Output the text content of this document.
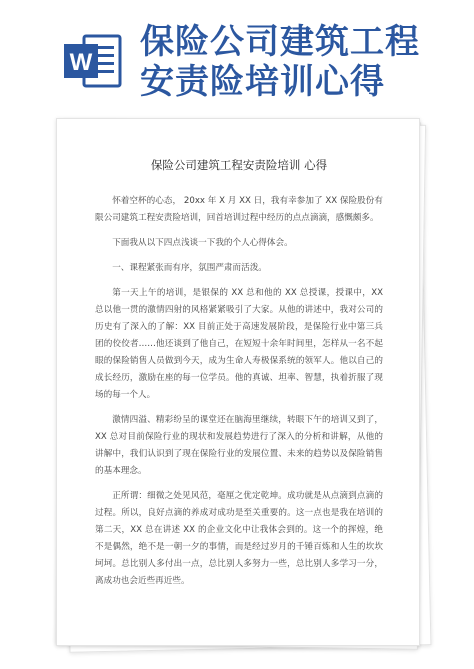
W
保险公司建筑工程
安责险培训心得
保险公司建筑工程安责险培训 心得

怀着空杯的心态， 20xx 年 X 月 XX 日，我有幸参加了 XX 保险股份有限公司建筑工程安责险培训，回首培训过程中经历的点点滴滴，感慨颇多。

下面我从以下四点浅谈一下我的个人心得体会。

一、课程紧张而有序，氛围严肃而活泼。

第一天上午的培训，是银保的 XX 总和他的 XX 总授课，授课中，XX 总以他一贯的激情四射的风格紧紧吸引了大家。从他的讲述中，我对公司的历史有了深入的了解：XX 目前正处于高速发展阶段，是保险行业中第三兵团的佼佼者……他还谈到了他自己，在短短十余年时间里，怎样从一名不起眼的保险销售人员做到今天，成为生命人寿极保系统的领军人。他以自己的成长经历，激励在座的每一位学员。他的真诚、坦率、智慧，执着折服了现场的每一个人。

激情四溢、精彩纷呈的课堂还在脑海里继续，转眼下午的培训又到了，XX 总对目前保险行业的现状和发展趋势进行了深入的分析和讲解，从他的讲解中，我们认识到了现在保险行业的发展位置、未来的趋势以及保险销售的基本理念。

正所谓：细微之处见风范，毫厘之优定乾坤。成功就是从点滴到点滴的过程。所以，良好点滴的养成对成功是至关重要的。这一点也是我在培训的第二天，XX 总在讲述 XX 的企业文化中让我体会到的。这一个的挥煌，绝不是偶然，绝不是一朝一夕的事情，而是经过岁月的千锤百炼和人生的坎坎坷坷。总比别人多付出一点，总比别人多努力一些，总比别人多学习一分，离成功也会近些再近些。
